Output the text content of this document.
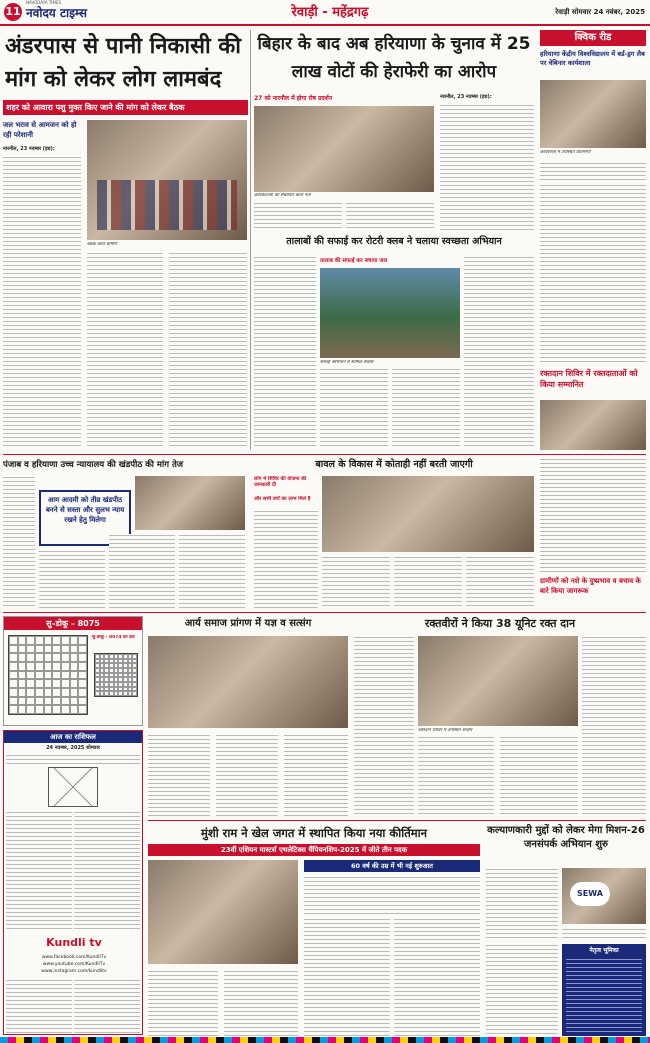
11 नवोदय टाइम्स
NAVODAYA TIMES
रेवाड़ी - महेंद्रगढ़	रेवाड़ी सोमवार 24 नवंबर, 2025
अंडरपास से पानी निकासी की मांग को लेकर लोग लामबंद
शहर को आवारा पशु मुक्त किए जाने की मांग को लेकर बैठक
जल भराव से आमजन को हो रही परेशानी
नारनौल, 23 नवम्बर (हप्र):
बैठक करते ग्रामीण
बिहार के बाद अब हरियाणा के चुनाव में 25 लाख वोटों की हेराफेरी का आरोप
27 को नारनौल में होगा रोष प्रदर्शन
कार्यकर्ताओं को संबोधित करते नेता
नारनौल, 23 नवम्बर (हप्र):
क्विक रीड
हरियाणा केंद्रीय विश्वविद्यालय में बर्ड-ड्रग लैब पर वेबिनार कार्यशाला
कार्यशाला में उपस्थित प्रतिभागी
तालाबों की सफाई कर रोटरी क्लब ने चलाया स्वच्छता अभियान
तालाब की सफाई कर बचाया जल
सफाई अभियान में शामिल सदस्य
रक्तदान शिविर में रक्तदाताओं को किया सम्मानित
पंजाब व हरियाणा उच्च न्यायालय की खंडपीठ की मांग तेज
आम आदमी को तीव्र खंडपीठ बनने से सस्ता और सुलभ न्याय रखने हेतु मिलेगा
बावल के विकास में कोताही नहीं बरती जाएगी
लोग में शिविर की योजना की जानकारी दी
और सभी वर्गों का लाभ मिले है
ग्रामीणों को नशे के दुष्प्रभाव व बचाव के बारे किया जागरूक
सु–डोकू – 8075
सु-डोकू - 8074 का हल
आज का राशिफल
24 नवम्बर, 2025 सोमवार
Kundli tv
www.facebook.com/KundliTv
www.youtube.com/KundliTv
www.instagram.com/kundlitv
आर्य समाज प्रांगण में यज्ञ व सत्संग	रक्तवीरों ने किया 38 यूनिट रक्त दान
रक्तदान शिविर में उपस्थित सदस्य
मुंशी राम ने खेल जगत में स्थापित किया नया कीर्तिमान
23वीं एशियन मास्टर्स एथलेटिक्स चैंपियनशिप-2025 में जीते तीन पदक
60 वर्ष की उम्र में भी नई शुरुआत
कल्याणकारी मुद्दों को लेकर मेगा मिशन-26 जनसंपर्क अभियान शुरु
SEWA
नेतृत्व भूमिका
